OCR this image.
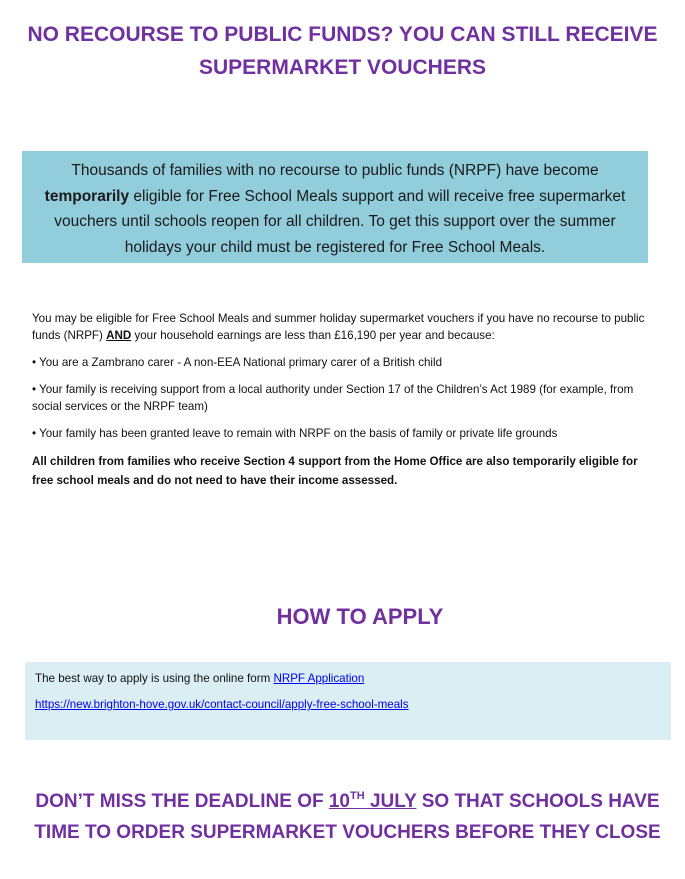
NO RECOURSE TO PUBLIC FUNDS? YOU CAN STILL RECEIVE
SUPERMARKET VOUCHERS
Thousands of families with no recourse to public funds (NRPF) have become
temporarily eligible for Free School Meals support and will receive free supermarket
vouchers until schools reopen for all children. To get this support over the summer
holidays your child must be registered for Free School Meals.

You may be eligible for Free School Meals and summer holiday supermarket vouchers if you have no recourse to public funds (NRPF) AND your household earnings are less than £16,190 per year and because:

• You are a Zambrano carer - A non-EEA National primary carer of a British child

• Your family is receiving support from a local authority under Section 17 of the Children’s Act 1989 (for example, from social services or the NRPF team)

• Your family has been granted leave to remain with NRPF on the basis of family or private life grounds

All children from families who receive Section 4 support from the Home Office are also temporarily eligible for free school meals and do not need to have their income assessed.

HOW TO APPLY

The best way to apply is using the online form NRPF Application

https://new.brighton-hove.gov.uk/contact-council/apply-free-school-meals

DON’T MISS THE DEADLINE OF 10TH JULY SO THAT SCHOOLS HAVE
TIME TO ORDER SUPERMARKET VOUCHERS BEFORE THEY CLOSE
